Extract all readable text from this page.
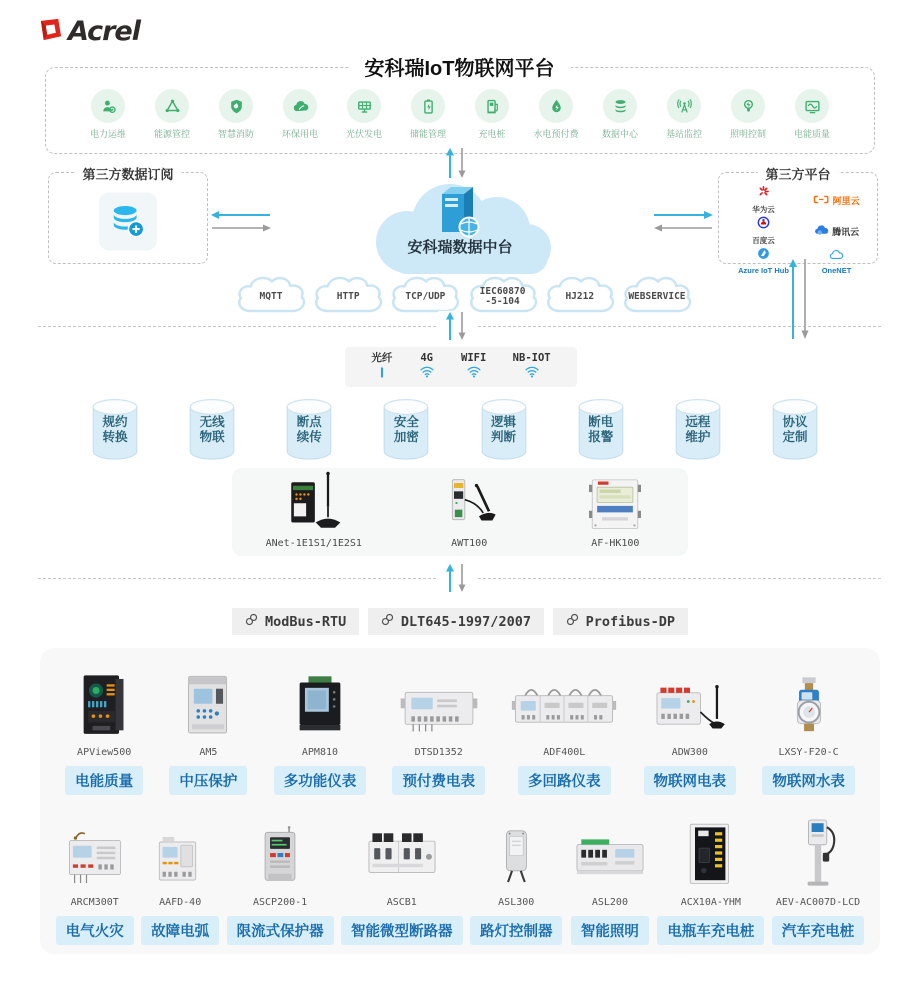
Acrel
安科瑞IoT物联网平台
电力运维	能源管控	智慧消防	环保用电	光伏发电	储能管理	充电桩	水电预付费	数据中心	基站监控	照明控制	电能质量
第三方数据订阅
安科瑞数据中台
第三方平台
华为云
阿里云
百度云
腾讯云
Azure IoT Hub	OneNET
MQTT	HTTP	TCP/UDP	IEC60870
-5-104	HJ212	WEBSERVICE
光纤	4G	WIFI	NB-IOT
规约
转换
无线
物联
断点
续传
安全
加密
逻辑
判断
断电
报警
远程
维护
协议
定制
ANet-1E1S1/1E2S1	AWT100	AF-HK100
ModBus-RTU	DLT645-1997/2007	Profibus-DP
APView500
电能质量
AM5
中压保护
APM810
多功能仪表
DTSD1352
预付费电表
ADF400L
多回路仪表
ADW300
物联网电表
LXSY-F20-C
物联网水表
ARCM300T
电气火灾
AAFD-40
故障电弧
ASCP200-1
限流式保护器
ASCB1
智能微型断路器
ASL300
路灯控制器
ASL200
智能照明
ACX10A-YHM
电瓶车充电桩
AEV-AC007D-LCD
汽车充电桩
